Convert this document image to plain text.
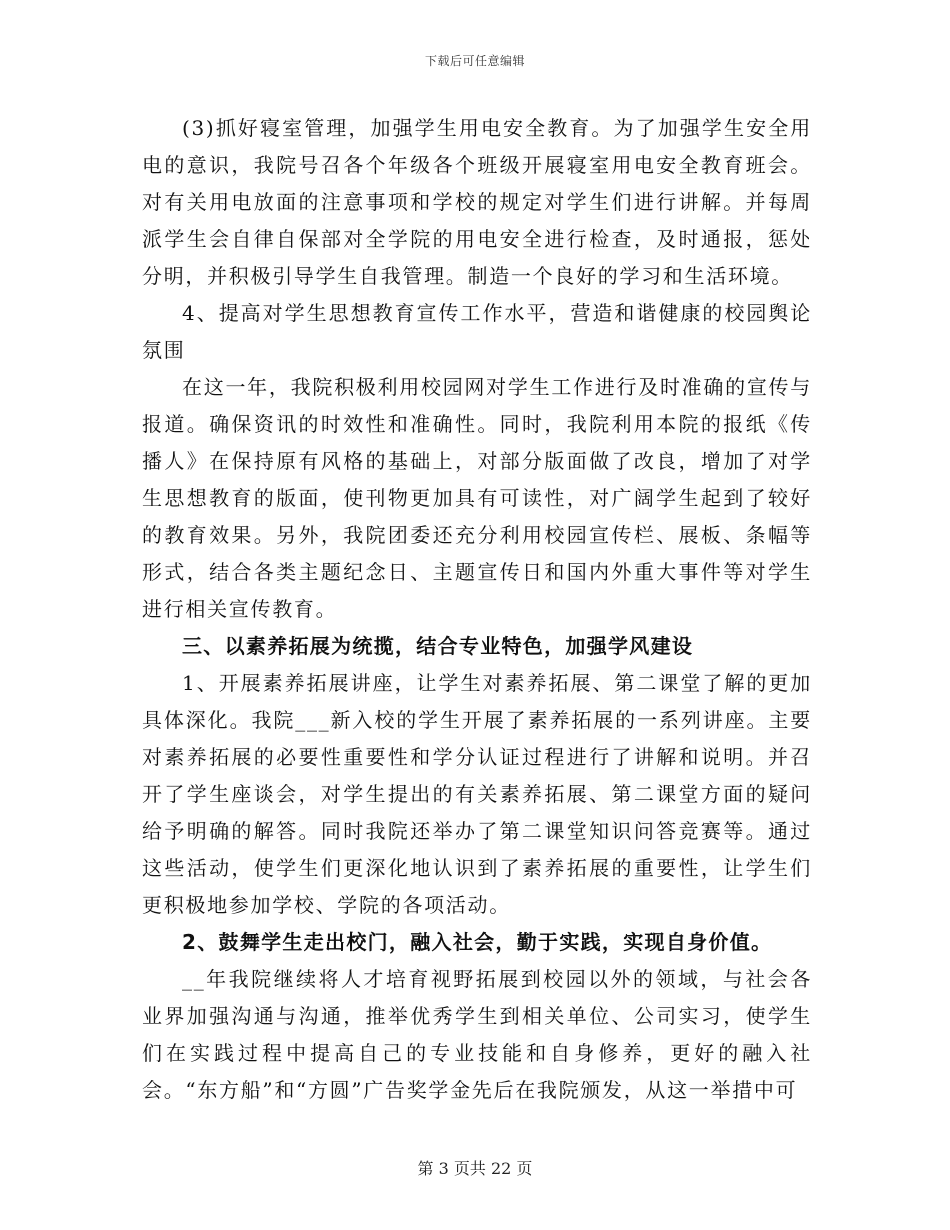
下载后可任意编辑

(3)抓好寝室管理，加强学生用电安全教育。为了加强学生安全用电的意识，我院号召各个年级各个班级开展寝室用电安全教育班会。对有关用电放面的注意事项和学校的规定对学生们进行讲解。并每周派学生会自律自保部对全学院的用电安全进行检查，及时通报，惩处分明，并积极引导学生自我管理。制造一个良好的学习和生活环境。

4、提高对学生思想教育宣传工作水平，营造和谐健康的校园舆论氛围

在这一年，我院积极利用校园网对学生工作进行及时准确的宣传与报道。确保资讯的时效性和准确性。同时，我院利用本院的报纸《传播人》在保持原有风格的基础上，对部分版面做了改良，增加了对学生思想教育的版面，使刊物更加具有可读性，对广阔学生起到了较好的教育效果。另外，我院团委还充分利用校园宣传栏、展板、条幅等形式，结合各类主题纪念日、主题宣传日和国内外重大事件等对学生进行相关宣传教育。

三、以素养拓展为统揽，结合专业特色，加强学风建设

1、开展素养拓展讲座，让学生对素养拓展、第二课堂了解的更加具体深化。我院___新入校的学生开展了素养拓展的一系列讲座。主要对素养拓展的必要性重要性和学分认证过程进行了讲解和说明。并召开了学生座谈会，对学生提出的有关素养拓展、第二课堂方面的疑问给予明确的解答。同时我院还举办了第二课堂知识问答竞赛等。通过这些活动，使学生们更深化地认识到了素养拓展的重要性，让学生们更积极地参加学校、学院的各项活动。

2、鼓舞学生走出校门，融入社会，勤于实践，实现自身价值。

__年我院继续将人才培育视野拓展到校园以外的领域，与社会各业界加强沟通与沟通，推举优秀学生到相关单位、公司实习，使学生们在实践过程中提高自己的专业技能和自身修养，更好的融入社会。“东方船”和“方圆”广告奖学金先后在我院颁发，从这一举措中可

第 3 页共 22 页
